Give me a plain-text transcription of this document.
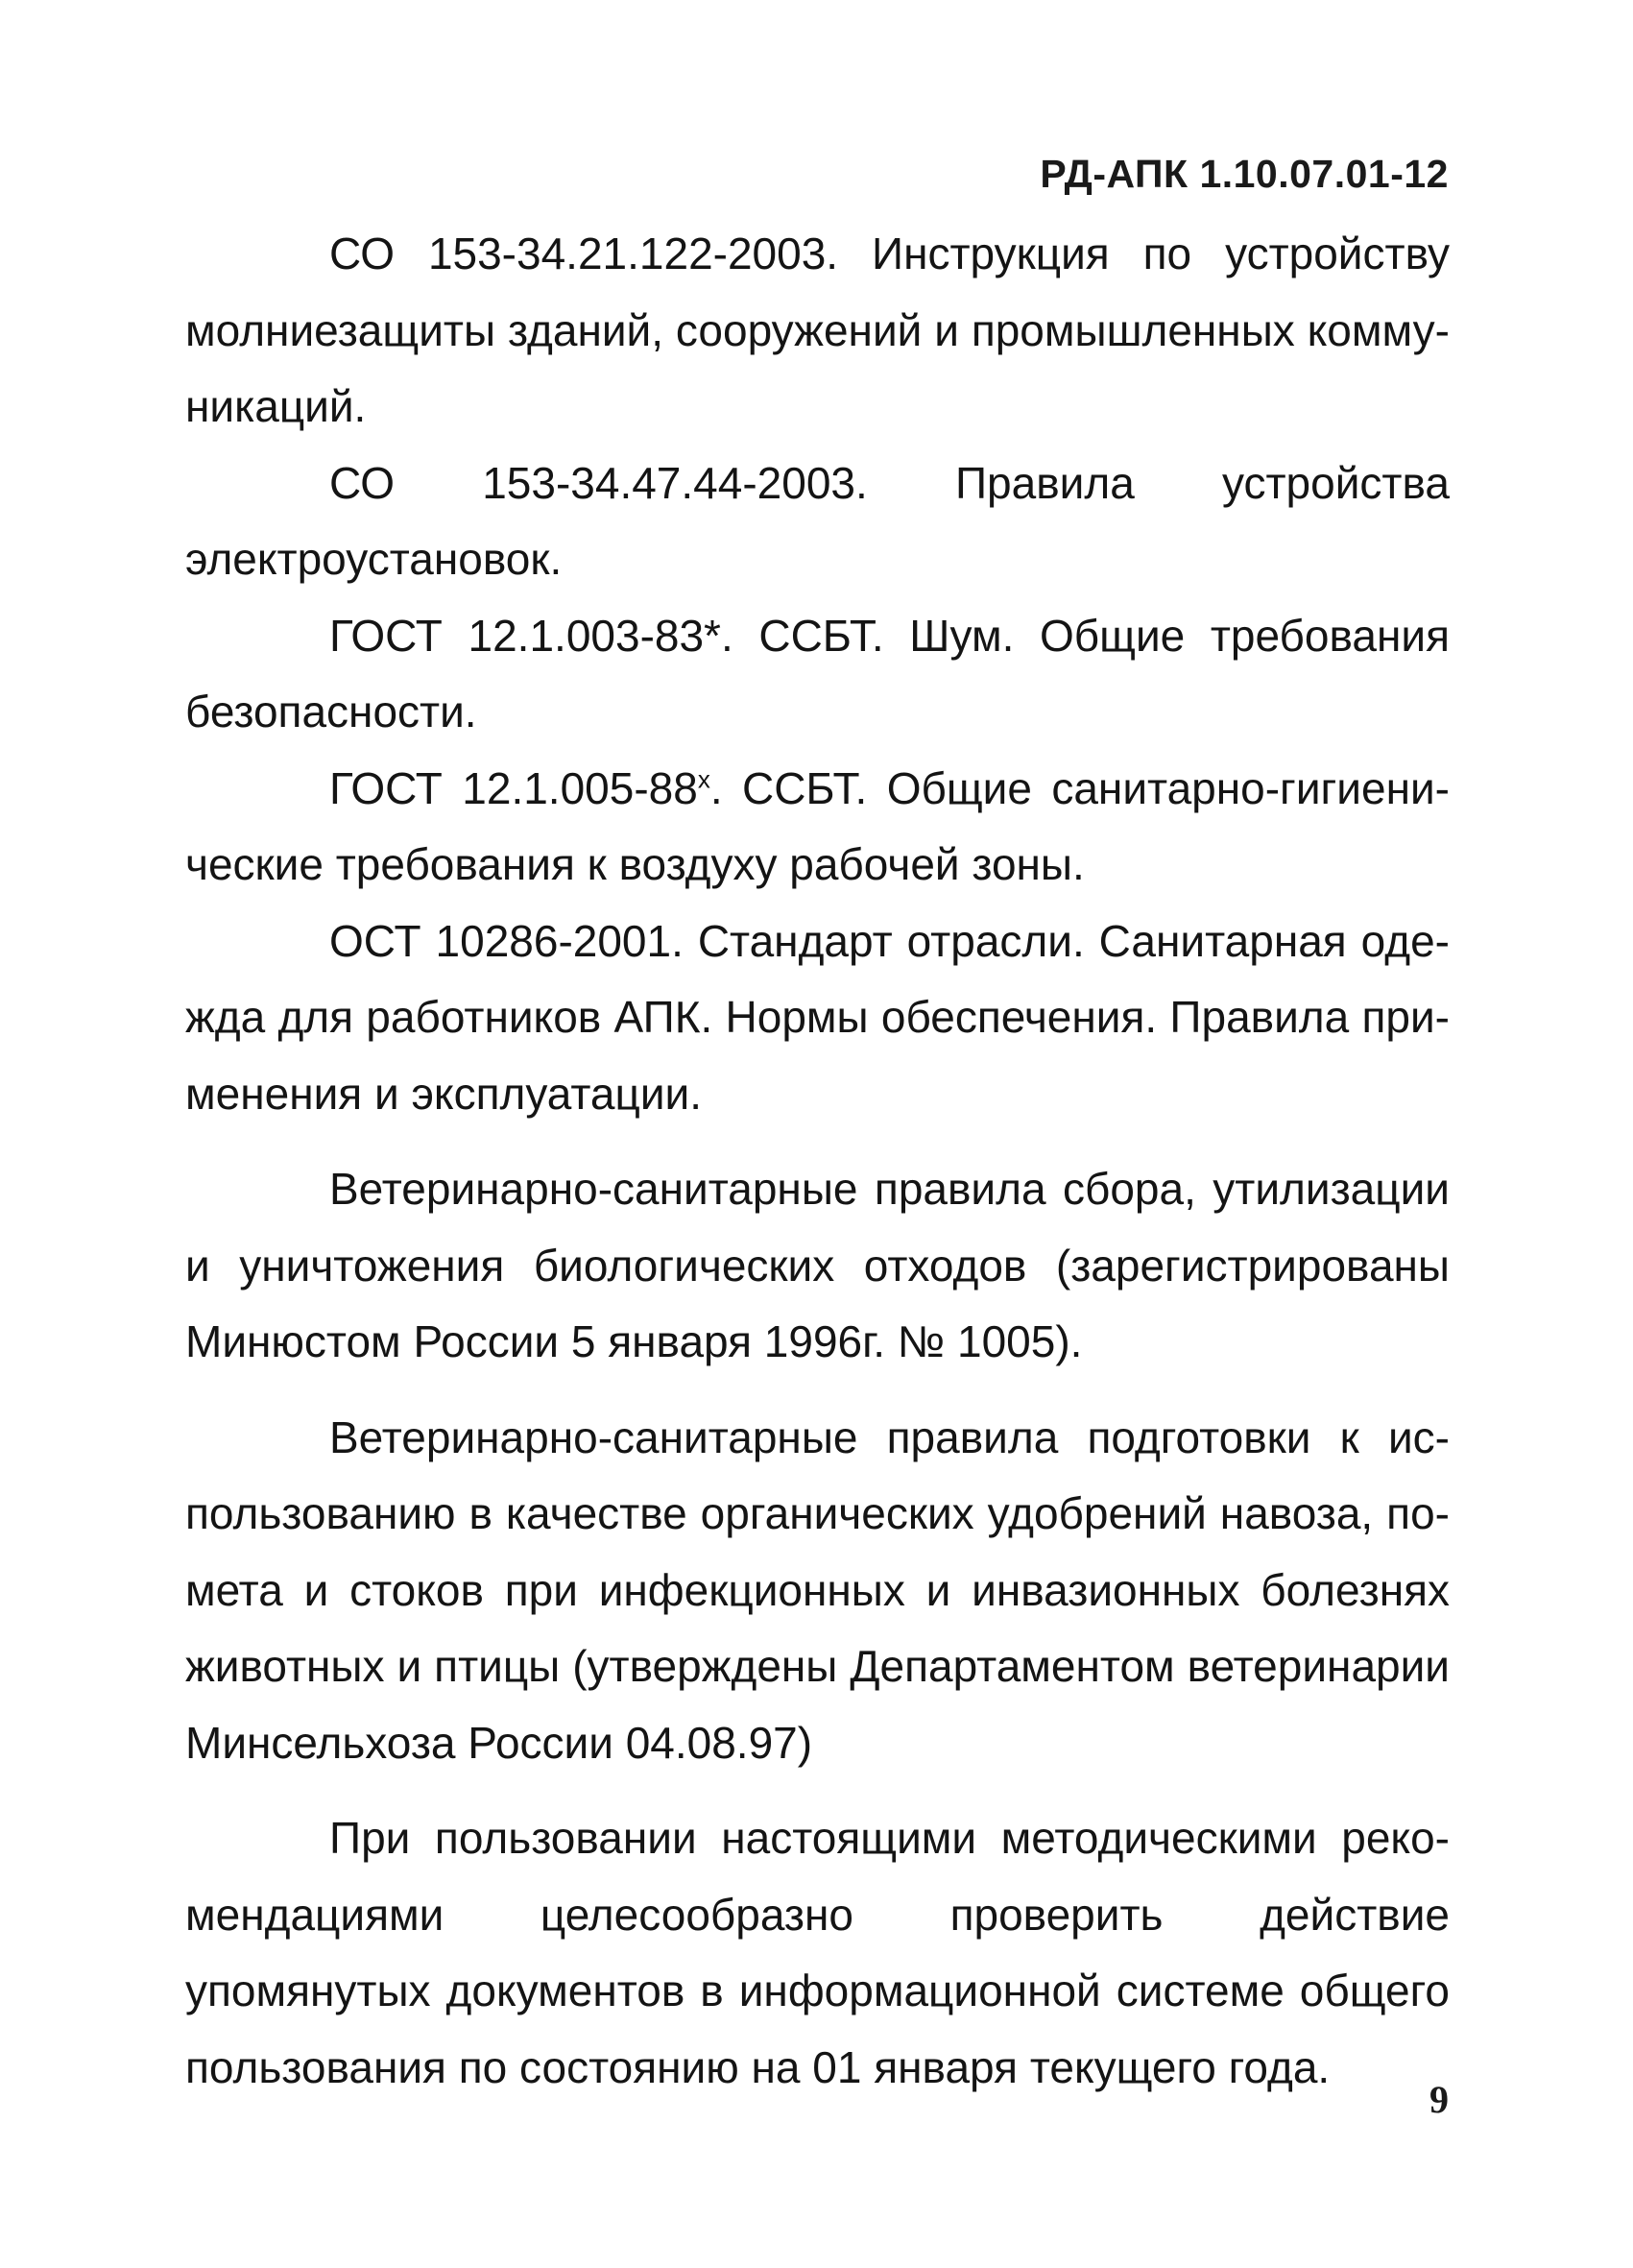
РД-АПК 1.10.07.01-12

СО 153-34.21.122-2003. Инструкция по устройству молниезащиты зданий, сооружений и промышленных коммуникаций.

СО 153-34.47.44-2003. Правила устройства электроустановок.

ГОСТ 12.1.003-83*. ССБТ. Шум. Общие требования безопасности.

ГОСТ $12.1.005-88^х$. ССБТ. Общие санитарно-гигиенические требования к воздуху рабочей зоны.

ОСТ 10286-2001. Стандарт отрасли. Санитарная одежда для работников АПК. Нормы обеспечения. Правила применения и эксплуатации.

Ветеринарно-санитарные правила сбора, утилизации и уничтожения биологических отходов (зарегистрированы Минюстом России 5 января 1996г. № 1005).

Ветеринарно-санитарные правила подготовки к использованию в качестве органических удобрений навоза, помета и стоков при инфекционных и инвазионных болезнях животных и птицы (утверждены Департаментом ветеринарии Минсельхоза России 04.08.97)

При пользовании настоящими методическими рекомендациями целесообразно проверить действие упомянутых документов в информационной системе общего пользования по состоянию на 01 января текущего года.

9
